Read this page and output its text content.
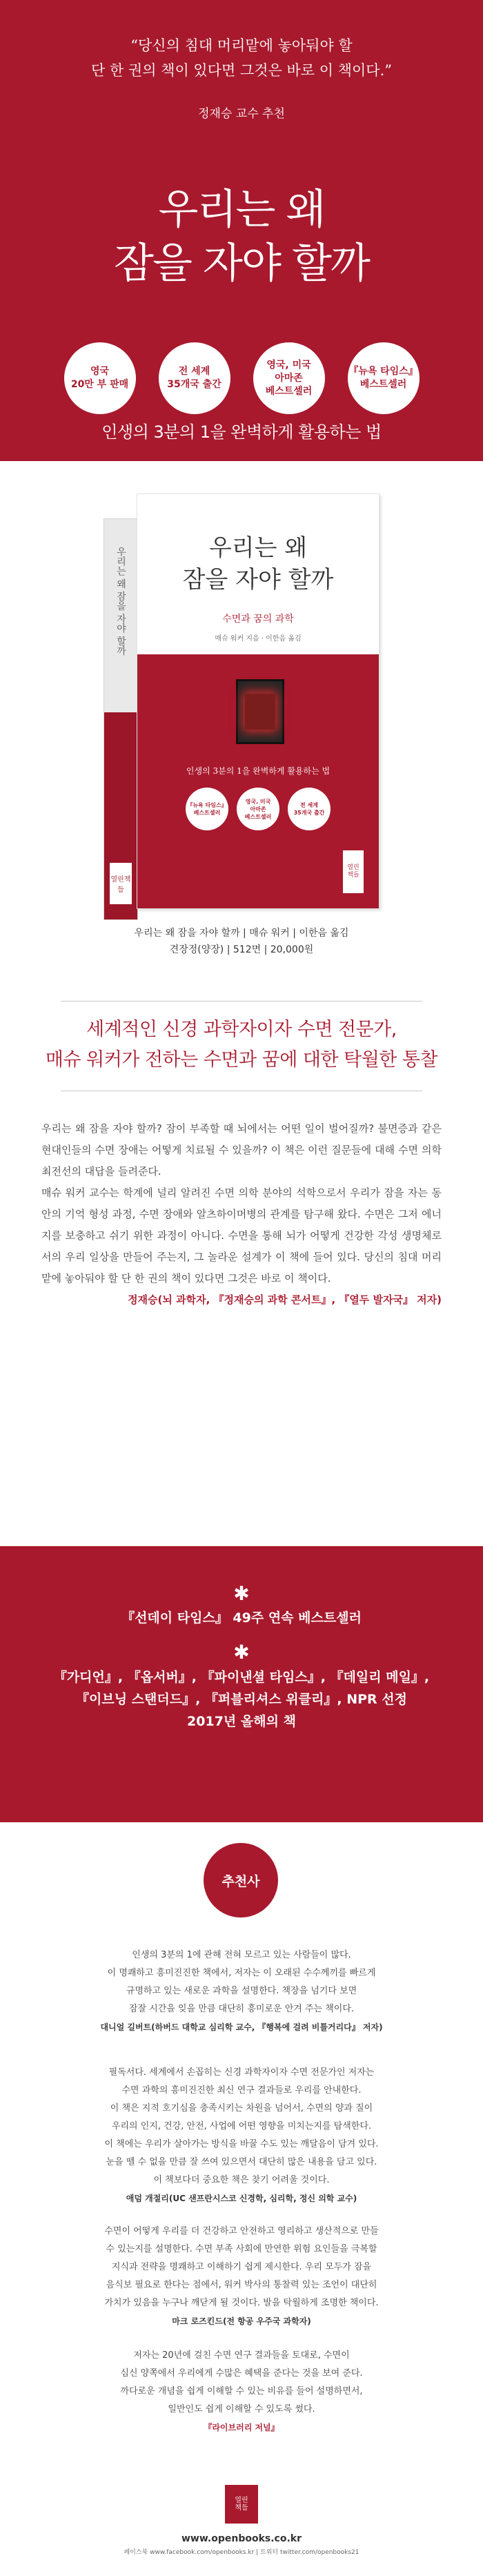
“당신의 침대 머리맡에 놓아둬야 할
단 한 권의 책이 있다면 그것은 바로 이 책이다.”
정재승 교수 추천
우리는 왜
잠을 자야 할까
영국
20만 부 판매
전 세계
35개국 출간
영국, 미국
아마존
베스트셀러
『뉴욕 타임스』
베스트셀러
인생의 3분의 1을 완벽하게 활용하는 법
우리는 왜 잠을 자야 할까
열린책들
우리는 왜
잠을 자야 할까
수면과 꿈의 과학
매슈 워커 지음 · 이한음 옮김
인생의 3분의 1을 완벽하게 활용하는 법
『뉴욕 타임스』
베스트셀러
영국, 미국
아마존
베스트셀러
전 세계
35개국 출간
열린
책들
우리는 왜 잠을 자야 할까 | 매슈 워커 | 이한음 옮김
견장정(양장) | 512면 | 20,000원
세계적인 신경 과학자이자 수면 전문가,
매슈 워커가 전하는 수면과 꿈에 대한 탁월한 통찰

우리는 왜 잠을 자야 할까? 잠이 부족할 때 뇌에서는 어떤 일이 벌어질까? 불면증과 같은 현대인들의 수면 장애는 어떻게 치료될 수 있을까? 이 책은 이런 질문들에 대해 수면 의학 최전선의 대답을 들려준다.

매슈 워커 교수는 학계에 널리 알려진 수면 의학 분야의 석학으로서 우리가 잠을 자는 동안의 기억 형성 과정, 수면 장애와 알츠하이머병의 관계를 탐구해 왔다. 수면은 그저 에너지를 보충하고 쉬기 위한 과정이 아니다. 수면을 통해 뇌가 어떻게 건강한 각성 생명체로서의 우리 일상을 만들어 주는지, 그 놀라운 설계가 이 책에 들어 있다. 당신의 침대 머리맡에 놓아둬야 할 단 한 권의 책이 있다면 그것은 바로 이 책이다.

정재승(뇌 과학자, 『정재승의 과학 콘서트』, 『열두 발자국』 저자)

✱
『선데이 타임스』 49주 연속 베스트셀러
✱
『가디언』, 『옵서버』, 『파이낸셜 타임스』, 『데일리 메일』,
『이브닝 스탠더드』, 『퍼블리셔스 위클리』, NPR 선정
2017년 올해의 책
추천사
인생의 3분의 1에 관해 전혀 모르고 있는 사람들이 많다.
이 명쾌하고 흥미진진한 책에서, 저자는 이 오래된 수수께끼를 빠르게
규명하고 있는 새로운 과학을 설명한다. 책장을 넘기다 보면
잠잘 시간을 잊을 만큼 대단히 흥미로운 안겨 주는 책이다.
대니얼 길버트(하버드 대학교 심리학 교수, 『행복에 걸려 비틀거리다』 저자)
필독서다. 세계에서 손꼽히는 신경 과학자이자 수면 전문가인 저자는
수면 과학의 흥미진진한 최신 연구 결과들로 우리를 안내한다.
이 책은 지적 호기심을 충족시키는 차원을 넘어서, 수면의 양과 질이
우리의 인지, 건강, 안전, 사업에 어떤 영향을 미치는지를 탐색한다.
이 책에는 우리가 살아가는 방식을 바꿀 수도 있는 깨달음이 담겨 있다.
눈을 뗄 수 없을 만큼 잘 쓰여 있으면서 대단히 많은 내용을 담고 있다.
이 책보다더 중요한 책은 찾기 어려울 것이다.
애덤 개절리(UC 샌프란시스코 신경학, 심리학, 정신 의학 교수)
수면이 어떻게 우리를 더 건강하고 안전하고 영리하고 생산적으로 만들
수 있는지를 설명한다. 수면 부족 사회에 만연한 위험 요인들을 극복할
지식과 전략을 명쾌하고 이해하기 쉽게 제시한다. 우리 모두가 잠을
음식보 필요로 한다는 점에서, 워커 박사의 통찰력 있는 조언이 대단히
가치가 있음을 누구나 깨닫게 될 것이다. 발을 탁월하게 조명한 책이다.
마크 로즈킨드(전 항공 우주국 과학자)
저자는 20년에 걸친 수면 연구 결과들을 토대로, 수면이
심신 양쪽에서 우리에게 수많은 혜택을 준다는 것을 보여 준다.
까다로운 개념을 쉽게 이해할 수 있는 비유를 들어 설명하면서,
일반인도 쉽게 이해할 수 있도록 썼다.
『라이브러리 저널』
열린
책들
www.openbooks.co.kr
페이스북 www.facebook.com/openbooks.kr | 트위터 twitter.com/openbooks21
